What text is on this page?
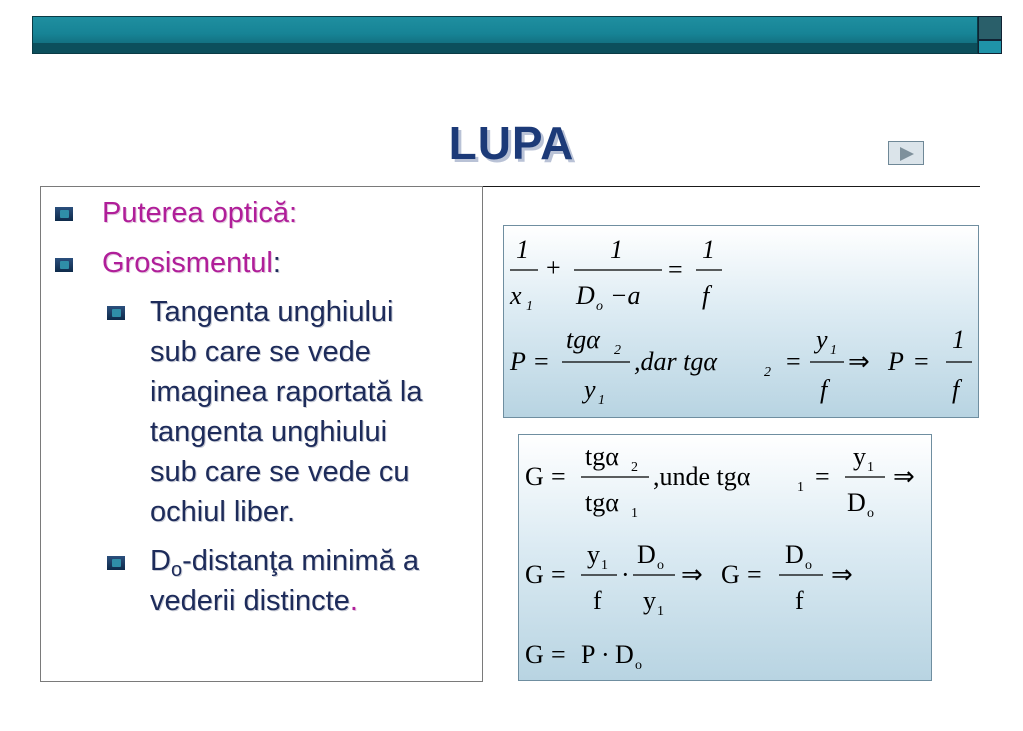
LUPA
Puterea optică:
Grosismentul:
Tangenta unghiului
sub care se vede
imaginea raportată la
tangenta unghiului
sub care se vede cu
ochiul liber.
$D_o$-distanţa minimă a
vederii distincte.
1
x 1
+
1
D o −a
=
1
f
P =
tgα 2
y 1
,dar tgα	2 =
y 1
f
⇒ P =
1
f
G =
tgα 2
tgα 1
,unde tgα	1 =
y 1
D o
⇒
G =
y 1
f
·
D o
y 1
⇒ G =
D o
f
⇒
G = P · D o
